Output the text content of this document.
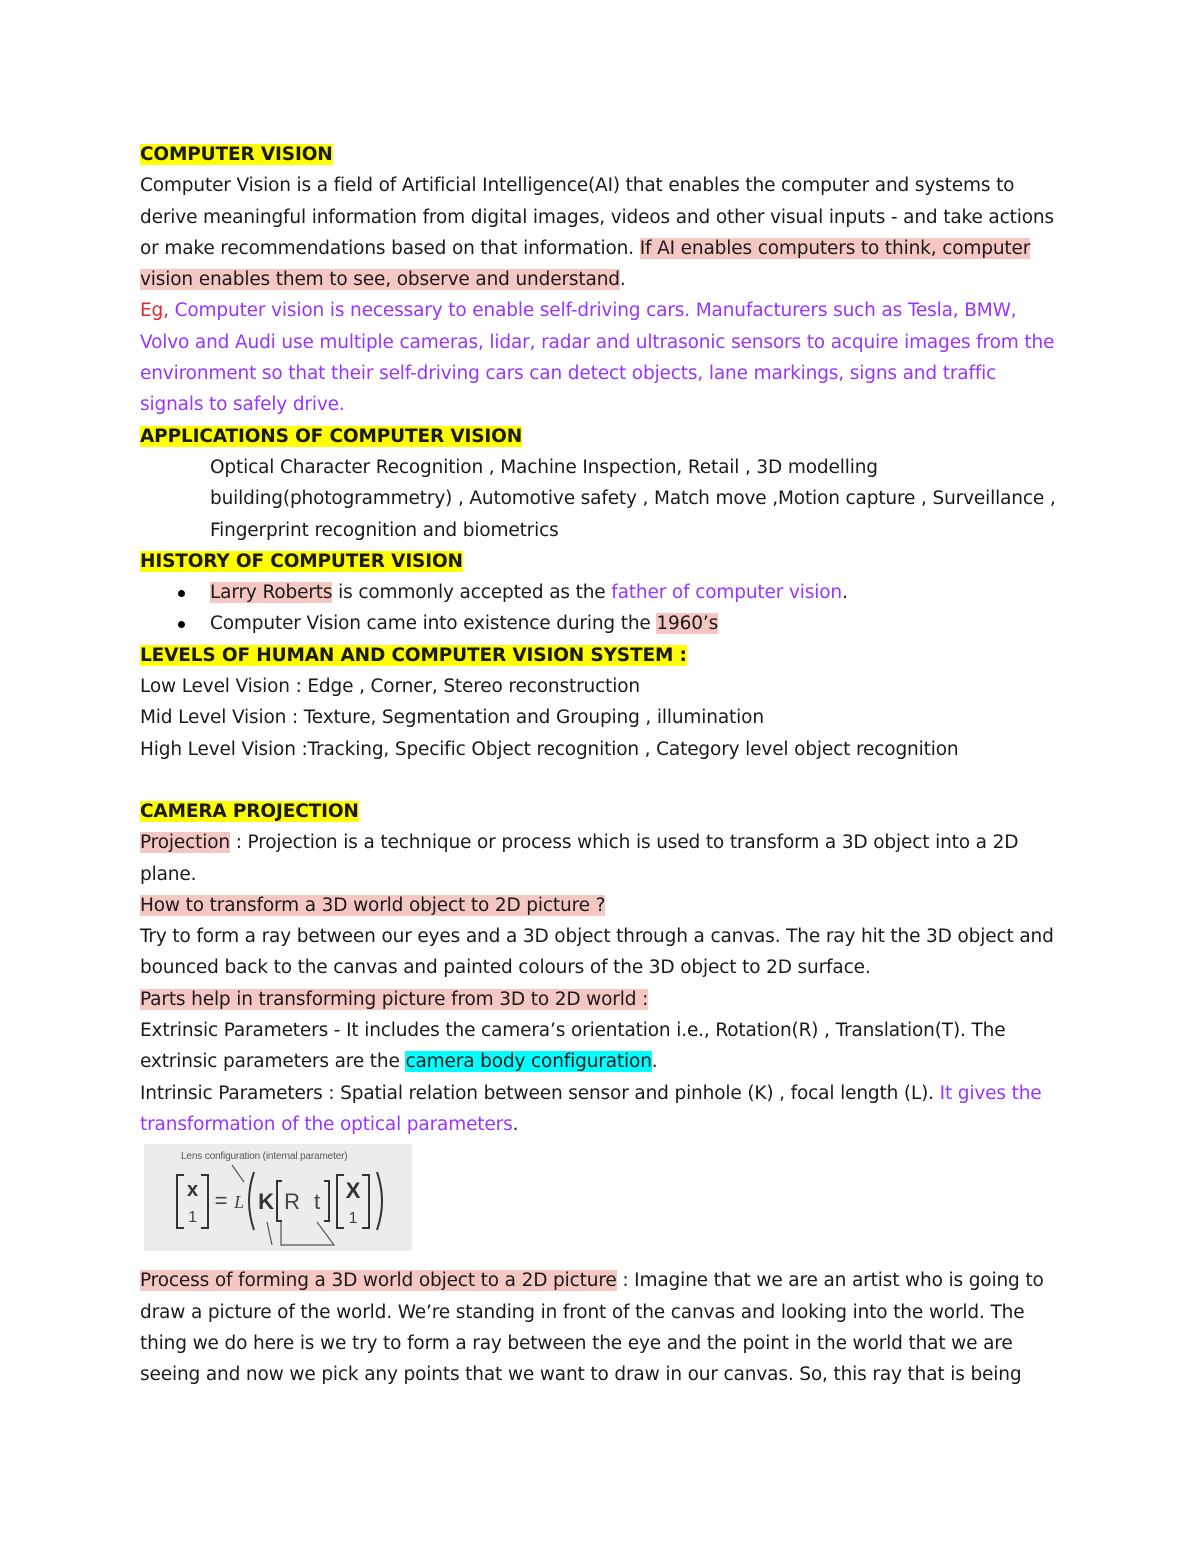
COMPUTER VISION

Computer Vision is a field of Artificial Intelligence(AI) that enables the computer and systems to derive meaningful information from digital images, videos and other visual inputs - and take actions or make recommendations based on that information. If AI enables computers to think, computer vision enables them to see, observe and understand.

Eg, Computer vision is necessary to enable self-driving cars. Manufacturers such as Tesla, BMW, Volvo and Audi use multiple cameras, lidar, radar and ultrasonic sensors to acquire images from the environment so that their self-driving cars can detect objects, lane markings, signs and traffic signals to safely drive.

APPLICATIONS OF COMPUTER VISION

Optical Character Recognition , Machine Inspection, Retail , 3D modelling building(photogrammetry) , Automotive safety , Match move ,Motion capture , Surveillance , Fingerprint recognition and biometrics

HISTORY OF COMPUTER VISION

Larry Roberts is commonly accepted as the father of computer vision.
Computer Vision came into existence during the 1960’s

LEVELS OF HUMAN AND COMPUTER VISION SYSTEM :

Low Level Vision : Edge , Corner, Stereo reconstruction

Mid Level Vision : Texture, Segmentation and Grouping , illumination

High Level Vision :Tracking, Specific Object recognition , Category level object recognition

CAMERA PROJECTION

Projection : Projection is a technique or process which is used to transform a 3D object into a 2D plane.

How to transform a 3D world object to 2D picture ?

Try to form a ray between our eyes and a 3D object through a canvas. The ray hit the 3D object and bounced back to the canvas and painted colours of the 3D object to 2D surface.

Parts help in transforming picture from 3D to 2D world :

Extrinsic Parameters - It includes the camera’s orientation i.e., Rotation(R) , Translation(T). The extrinsic parameters are the camera body configuration.

Intrinsic Parameters : Spatial relation between sensor and pinhole (K) , focal length (L). It gives the transformation of the optical parameters.

Lens configuration (internal parameter)
x
1
= L K R t X
1

Process of forming a 3D world object to a 2D picture : Imagine that we are an artist who is going to draw a picture of the world. We’re standing in front of the canvas and looking into the world. The thing we do here is we try to form a ray between the eye and the point in the world that we are seeing and now we pick any points that we want to draw in our canvas. So, this ray that is being
